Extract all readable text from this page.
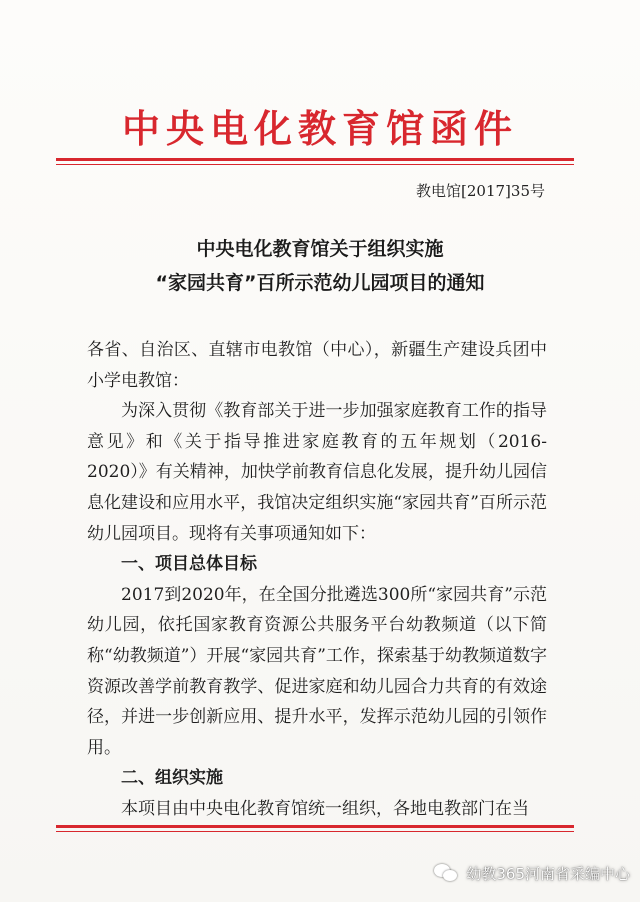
中央电化教育馆函件
教电馆[2017]35号
中央电化教育馆关于组织实施
“家园共育”百所示范幼儿园项目的通知

各省、自治区、直辖市电教馆（中心），新疆生产建设兵团中小学电教馆：

为深入贯彻《教育部关于进一步加强家庭教育工作的指导意见》和《关于指导推进家庭教育的五年规划（2016-2020）》有关精神，加快学前教育信息化发展，提升幼儿园信息化建设和应用水平，我馆决定组织实施“家园共育”百所示范幼儿园项目。现将有关事项通知如下：

一、项目总体目标

2017到2020年，在全国分批遴选300所“家园共育”示范幼儿园，依托国家教育资源公共服务平台幼教频道（以下简称“幼教频道”）开展“家园共育”工作，探索基于幼教频道数字资源改善学前教育教学、促进家庭和幼儿园合力共育的有效途径，并进一步创新应用、提升水平，发挥示范幼儿园的引领作用。

二、组织实施

本项目由中央电化教育馆统一组织，各地电教部门在当

幼教365河南省采编中心
